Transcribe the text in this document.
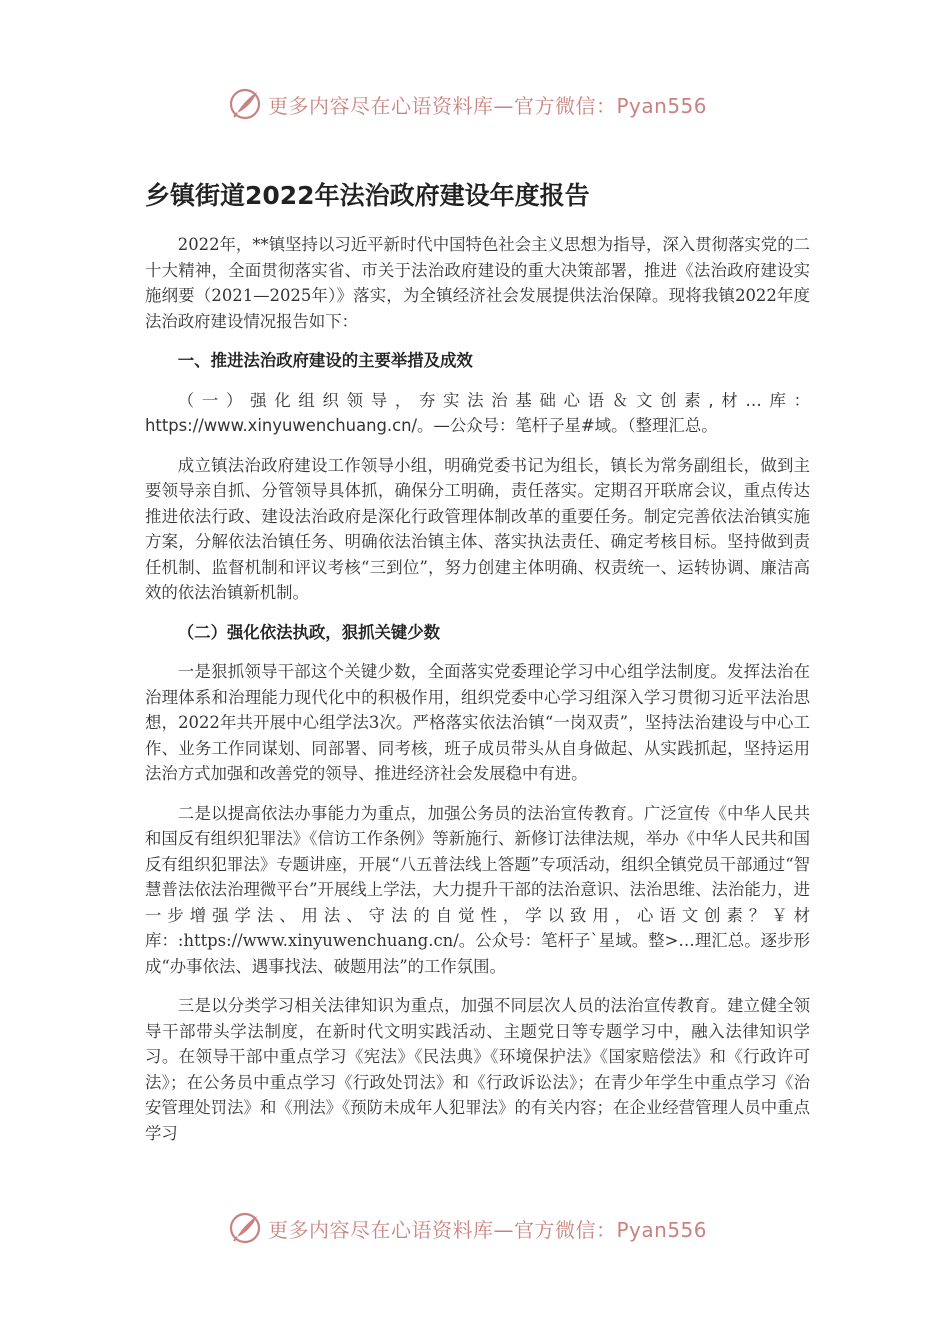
更多内容尽在心语资料库—官方微信：Pyan556
乡镇街道2022年法治政府建设年度报告

2022年，**镇坚持以习近平新时代中国特色社会主义思想为指导，深入贯彻落实党的二十大精神，全面贯彻落实省、市关于法治政府建设的重大决策部署，推进《法治政府建设实施纲要（2021—2025年）》落实，为全镇经济社会发展提供法治保障。现将我镇2022年度法治政府建设情况报告如下：

一、推进法治政府建设的主要举措及成效

（一）强化组织领导，夯实法治基础心语＆文创素,材…库：https://www.xinyuwenchuang.cn/。—公众号：笔杆子星#域。（整理汇总。

成立镇法治政府建设工作领导小组，明确党委书记为组长，镇长为常务副组长，做到主要领导亲自抓、分管领导具体抓，确保分工明确，责任落实。定期召开联席会议，重点传达推进依法行政、建设法治政府是深化行政管理体制改革的重要任务。制定完善依法治镇实施方案，分解依法治镇任务、明确依法治镇主体、落实执法责任、确定考核目标。坚持做到责任机制、监督机制和评议考核“三到位”，努力创建主体明确、权责统一、运转协调、廉洁高效的依法治镇新机制。

（二）强化依法执政，狠抓关键少数

一是狠抓领导干部这个关键少数，全面落实党委理论学习中心组学法制度。发挥法治在治理体系和治理能力现代化中的积极作用，组织党委中心学习组深入学习贯彻习近平法治思想，2022年共开展中心组学法3次。严格落实依法治镇“一岗双责”，坚持法治建设与中心工作、业务工作同谋划、同部署、同考核，班子成员带头从自身做起、从实践抓起，坚持运用法治方式加强和改善党的领导、推进经济社会发展稳中有进。

二是以提高依法办事能力为重点，加强公务员的法治宣传教育。广泛宣传《中华人民共和国反有组织犯罪法》《信访工作条例》等新施行、新修订法律法规，举办《中华人民共和国反有组织犯罪法》专题讲座，开展“八五普法线上答题”专项活动，组织全镇党员干部通过“智慧普法依法治理微平台”开展线上学法，大力提升干部的法治意识、法治思维、法治能力，进一步增强学法、用法、守法的自觉性，学以致用，心语文创素？￥材库：:https://www.xinyuwenchuang.cn/。公众号：笔杆子`星域。整>…理汇总。逐步形成“办事依法、遇事找法、破题用法”的工作氛围。

三是以分类学习相关法律知识为重点，加强不同层次人员的法治宣传教育。建立健全领导干部带头学法制度，在新时代文明实践活动、主题党日等专题学习中，融入法律知识学习。在领导干部中重点学习《宪法》《民法典》《环境保护法》《国家赔偿法》和《行政许可法》；在公务员中重点学习《行政处罚法》和《行政诉讼法》；在青少年学生中重点学习《治安管理处罚法》和《刑法》《预防未成年人犯罪法》的有关内容；在企业经营管理人员中重点学习

更多内容尽在心语资料库—官方微信：Pyan556
